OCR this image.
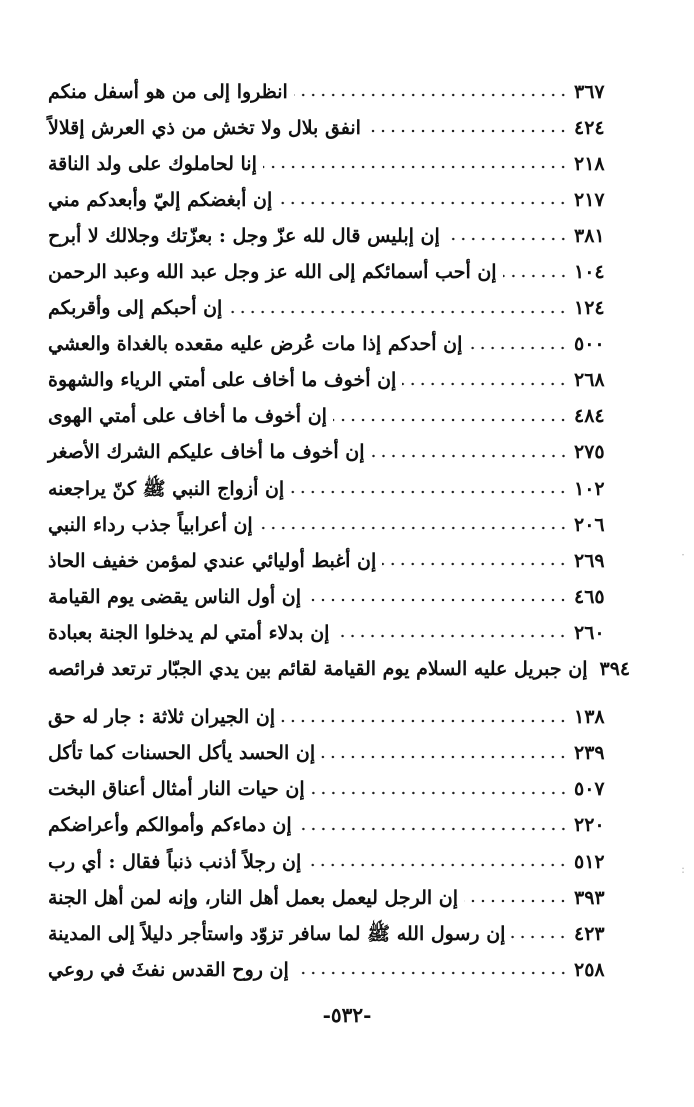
انظروا إلى من هو أسفل منكم	٣٦٧
انفق بلال ولا تخش من ذي العرش إقلالاً	٤٢٤
إنا لحاملوك على ولد الناقة	٢١٨
إن أبغضكم إليّ وأبعدكم مني	٢١٧
إن إبليس قال لله عزّ وجل : بعزّتك وجلالك لا أبرح	٣٨١
إن أحب أسمائكم إلى الله عز وجل عبد الله وعبد الرحمن	١٠٤
إن أحبكم إلى وأقربكم	١٢٤
إن أحدكم إذا مات عُرض عليه مقعده بالغداة والعشي	٥٠٠
إن أخوف ما أخاف على أمتي الرياء والشهوة	٢٦٨
إن أخوف ما أخاف على أمتي الهوى	٤٨٤
إن أخوف ما أخاف عليكم الشرك الأصغر	٢٧٥
إن أزواج النبي ﷺ كنّ يراجعنه	١٠٢
إن أعرابياً جذب رداء النبي	٢٠٦
إن أغبط أوليائي عندي لمؤمن خفيف الحاذ	٢٦٩
إن أول الناس يقضى يوم القيامة	٤٦٥
إن بدلاء أمتي لم يدخلوا الجنة بعبادة	٢٦٠
إن جبريل عليه السلام يوم القيامة لقائم بين يدي الجبّار ترتعد فرائصه ٣٩٤
إن الجيران ثلاثة : جار له حق	١٣٨
إن الحسد يأكل الحسنات كما تأكل	٢٣٩
إن حيات النار أمثال أعناق البخت	٥٠٧
إن دماءكم وأموالكم وأعراضكم	٢٢٠
إن رجلاً أذنب ذنباً فقال : أي رب	٥١٢
إن الرجل ليعمل بعمل أهل النار، وإنه لمن أهل الجنة	٣٩٣
إن رسول الله ﷺ لما سافر تزوّد واستأجر دليلاً إلى المدينة	٤٢٣
إن روح القدس نفثَ في روعي	٢٥٨
-٥٣٢-
·
:
